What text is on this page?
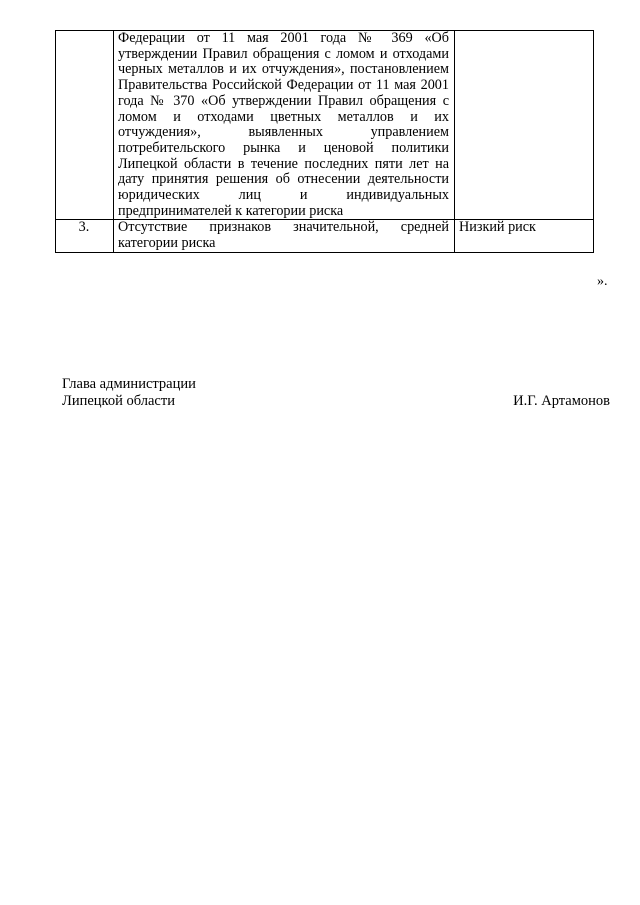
	Федерации от 11 мая 2001 года № 369 «Об утверждении Правил обращения с ломом и отходами черных металлов и их отчуждения», постановлением Правительства Российской Федерации от 11 мая 2001 года № 370 «Об утверждении Правил обращения с ломом и отходами цветных металлов и их отчуждения», выявленных управлением потребительского рынка и ценовой политики Липецкой области в течение последних пяти лет на дату принятия решения об отнесении деятельности юридических лиц и индивидуальных предпринимателей к категории риска	
3.	Отсутствие признаков значительной, средней категории риска	Низкий риск
».
Глава администрации
Липецкой области	И.Г. Артамонов
